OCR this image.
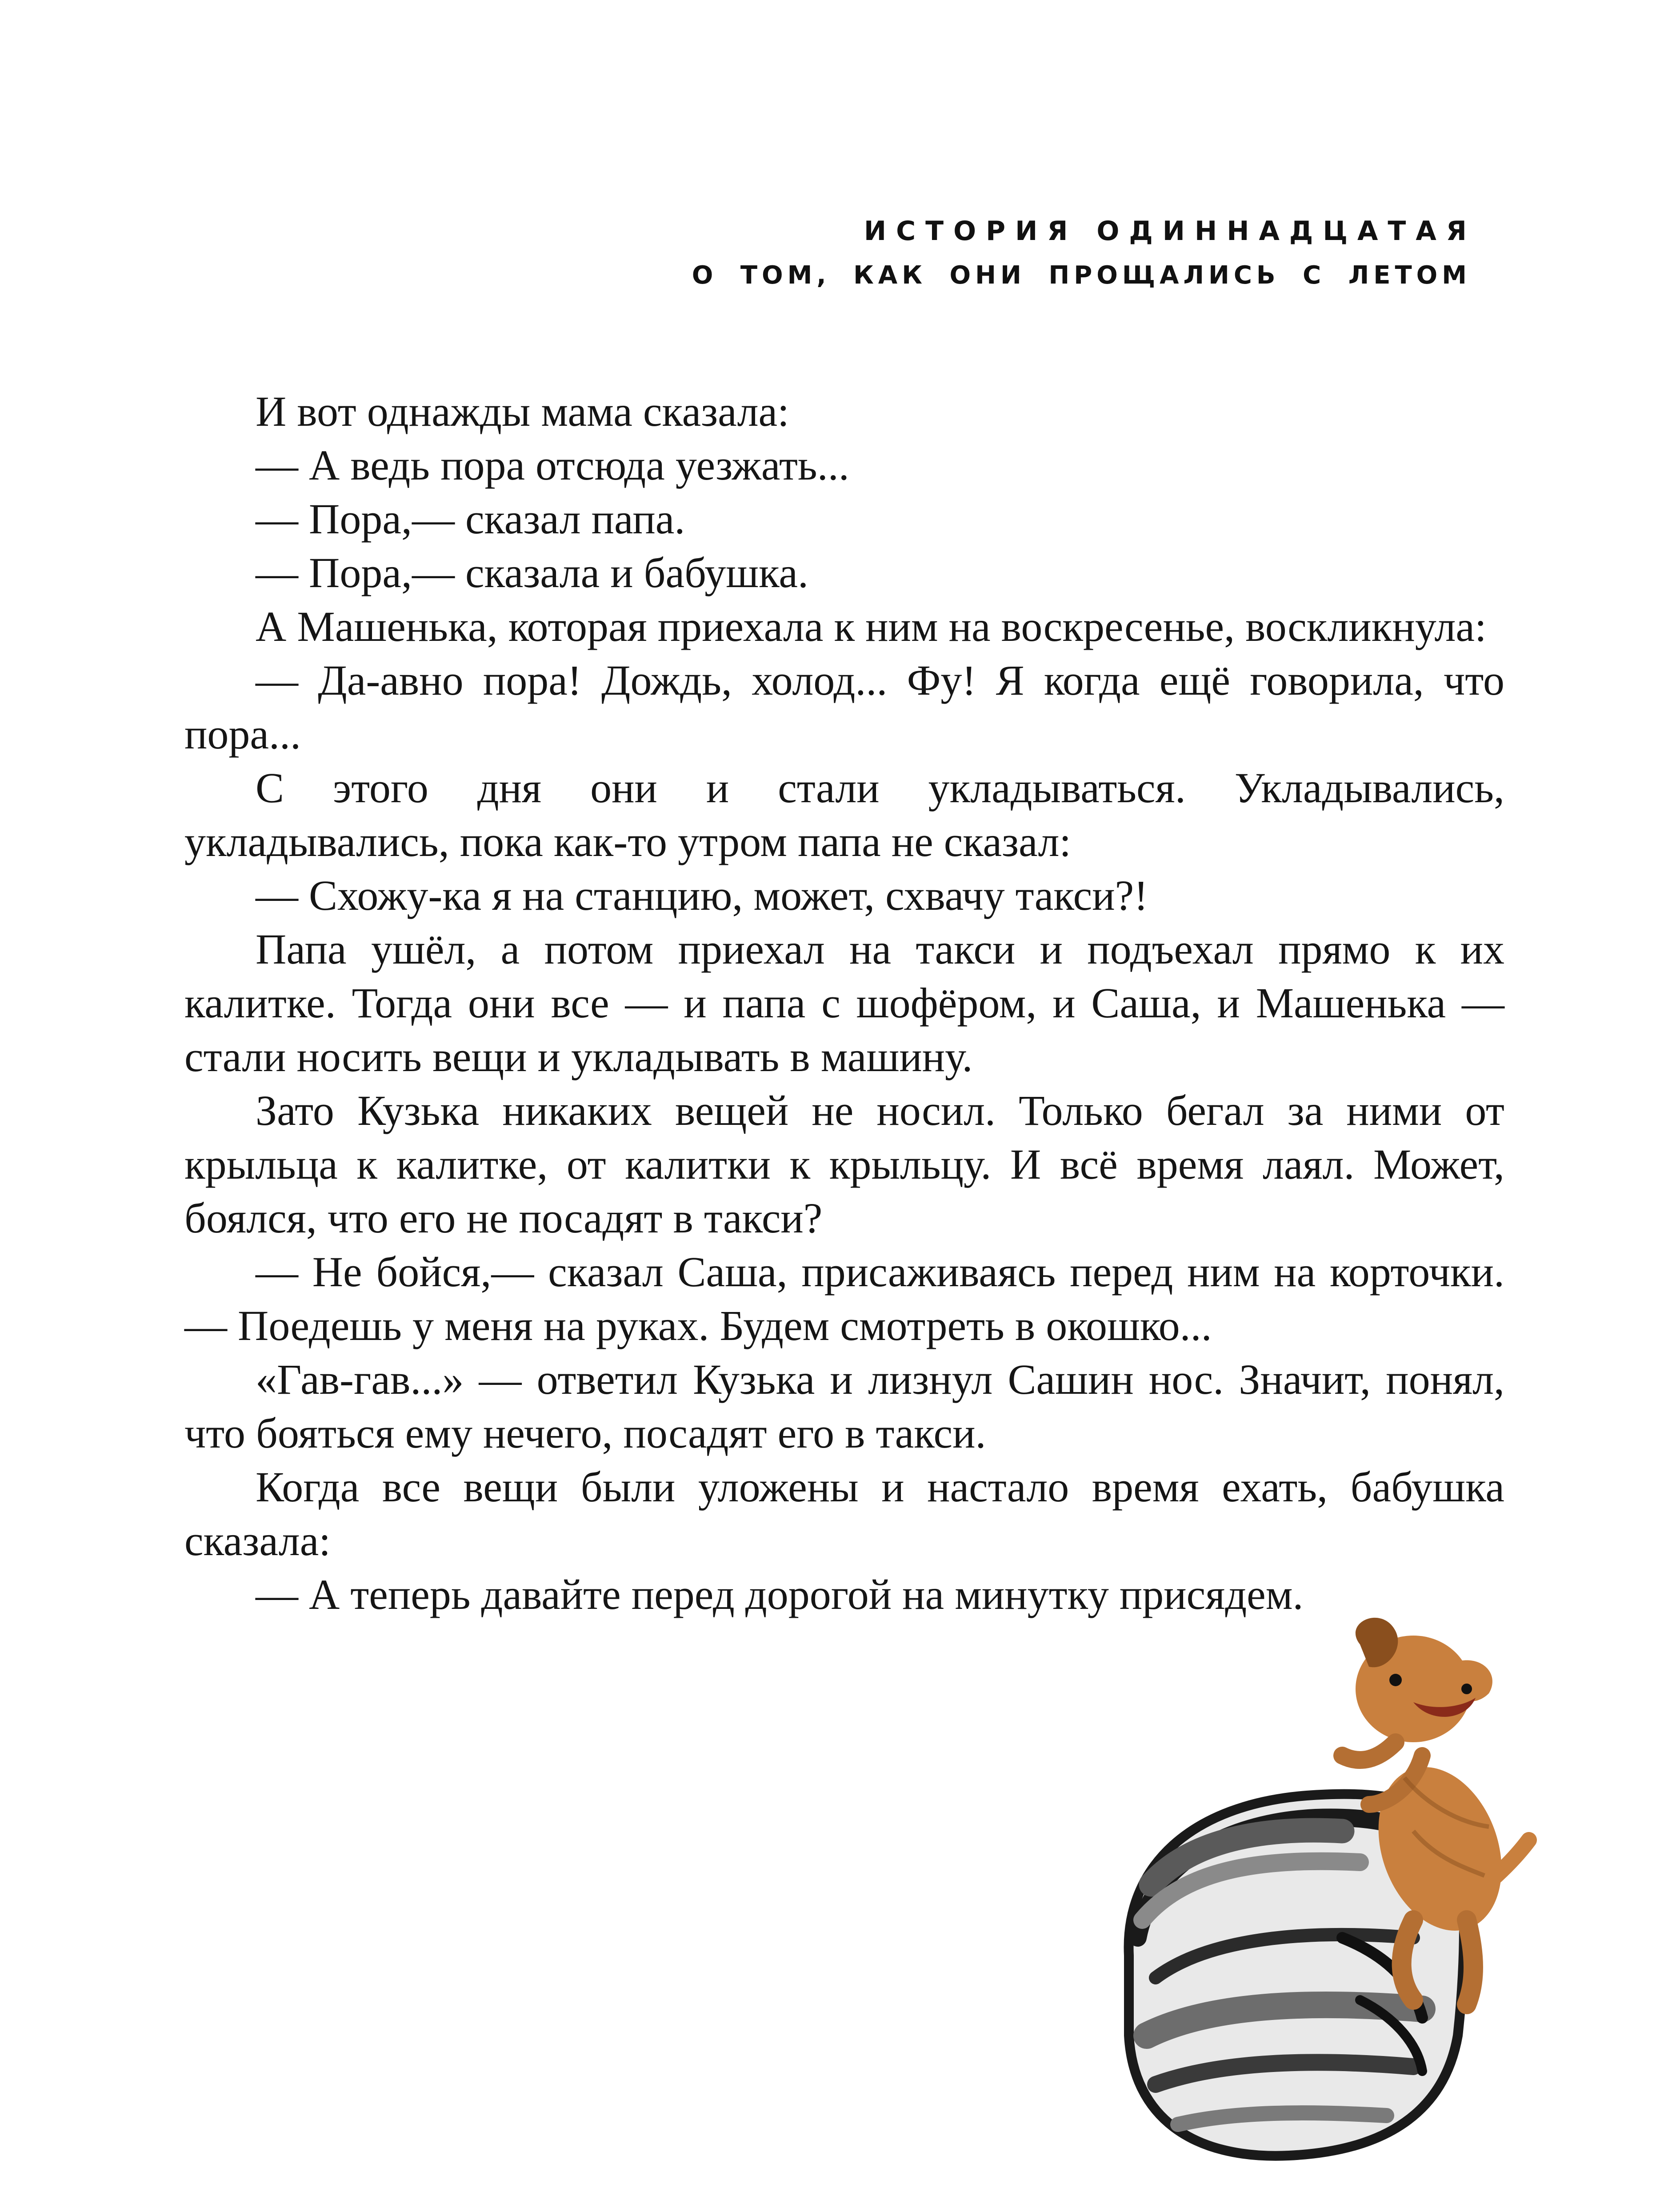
ИСТОРИЯ ОДИННАДЦАТАЯ
О ТОМ, КАК ОНИ ПРОЩАЛИСЬ С ЛЕТОМ

И вот однажды мама сказала:

— А ведь пора отсюда уезжать...

— Пора,— сказал папа.

— Пора,— сказала и бабушка.

А Машенька, которая приехала к ним на воскресенье, воскликнула:

— Да-авно пора! Дождь, холод... Фу! Я когда ещё говорила, что пора...

С этого дня они и стали укладываться. Укладывались, укладывались, пока как-то утром папа не сказал:

— Схожу-ка я на станцию, может, схвачу такси?!

Папа ушёл, а потом приехал на такси и подъехал прямо к их калитке. Тогда они все — и папа с шофёром, и Саша, и Машенька — стали носить вещи и укладывать в машину.

Зато Кузька никаких вещей не носил. Только бегал за ними от крыльца к калитке, от калитки к крыльцу. И всё время лаял. Может, боялся, что его не посадят в такси?

— Не бойся,— сказал Саша, присаживаясь перед ним на корточки.— Поедешь у меня на руках. Будем смотреть в окошко...

«Гав-гав...» — ответил Кузька и лизнул Сашин нос. Значит, понял, что бояться ему нечего, посадят его в такси.

Когда все вещи были уложены и настало время ехать, бабушка сказала:

— А теперь давайте перед дорогой на минутку присядем.
